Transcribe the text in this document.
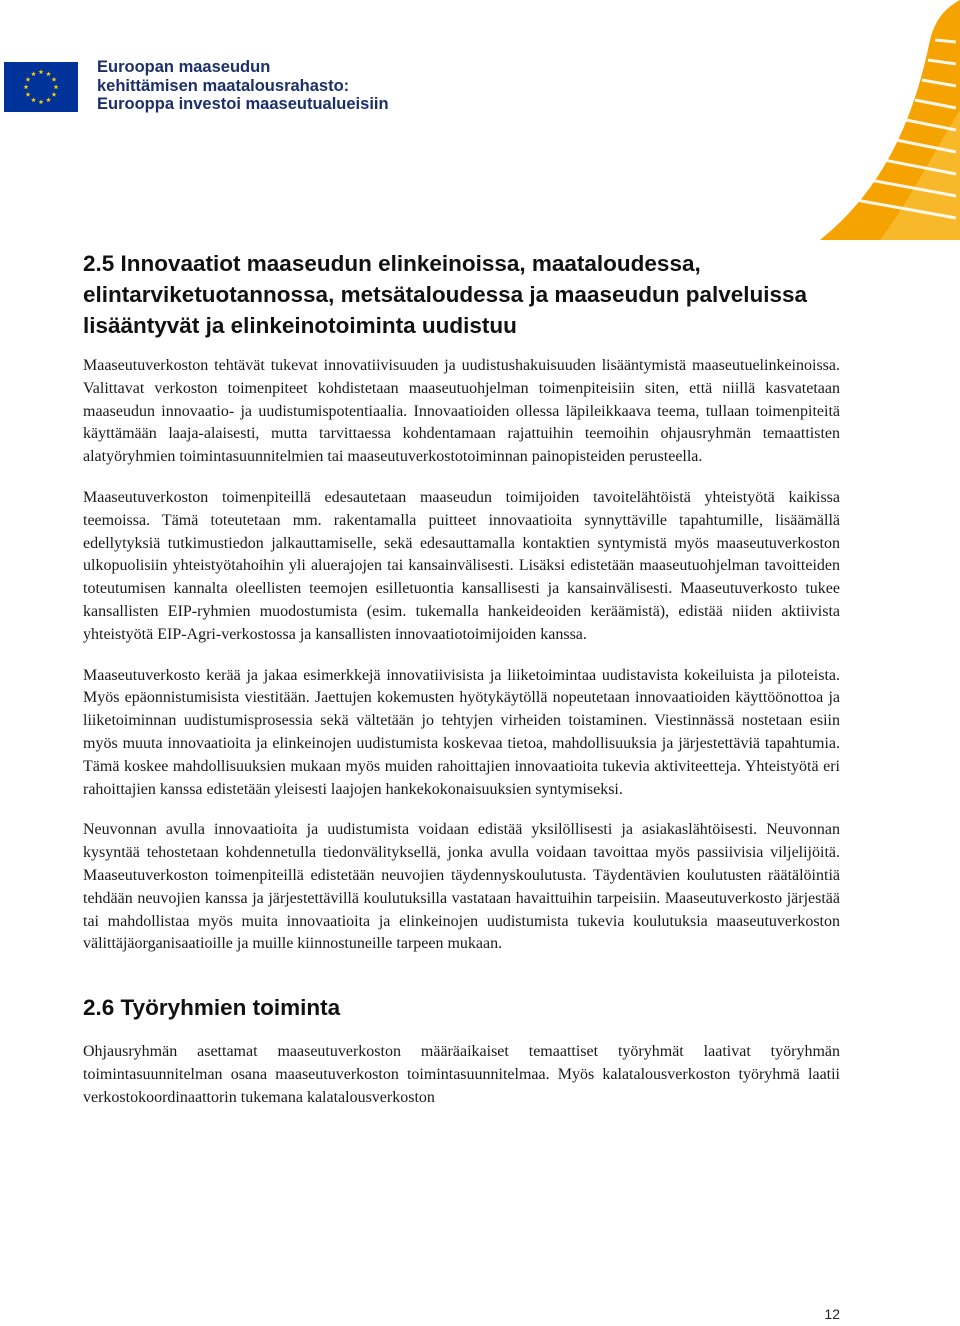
Euroopan maaseudun
kehittämisen maatalousrahasto:
Eurooppa investoi maaseutualueisiin
2.5 Innovaatiot maaseudun elinkeinoissa, maataloudessa, elintarviketuotannossa, metsätaloudessa ja maaseudun palveluissa lisääntyvät ja elinkeinotoiminta uudistuu

Maaseutuverkoston tehtävät tukevat innovatiivisuuden ja uudistushakuisuuden lisääntymistä maaseutuelinkeinoissa. Valittavat verkoston toimenpiteet kohdistetaan maaseutuohjelman toimenpiteisiin siten, että niillä kasvatetaan maaseudun innovaatio- ja uudistumispotentiaalia. Innovaatioiden ollessa läpileikkaava teema, tullaan toimenpiteitä käyttämään laaja-alaisesti, mutta tarvittaessa kohdentamaan rajattuihin teemoihin ohjausryhmän temaattisten alatyöryhmien toimintasuunnitelmien tai maaseutuverkostotoiminnan painopisteiden perusteella.

Maaseutuverkoston toimenpiteillä edesautetaan maaseudun toimijoiden tavoitelähtöistä yhteistyötä kaikissa teemoissa. Tämä toteutetaan mm. rakentamalla puitteet innovaatioita synnyttäville tapahtumille, lisäämällä edellytyksiä tutkimustiedon jalkauttamiselle, sekä edesauttamalla kontaktien syntymistä myös maaseutuverkoston ulkopuolisiin yhteistyötahoihin yli aluerajojen tai kansainvälisesti. Lisäksi edistetään maaseutuohjelman tavoitteiden toteutumisen kannalta oleellisten teemojen esilletuontia kansallisesti ja kansainvälisesti. Maaseutuverkosto tukee kansallisten EIP-ryhmien muodostumista (esim. tukemalla hankeideoiden keräämistä), edistää niiden aktiivista yhteistyötä EIP-Agri-verkostossa ja kansallisten innovaatiotoimijoiden kanssa.

Maaseutuverkosto kerää ja jakaa esimerkkejä innovatiivisista ja liiketoimintaa uudistavista kokeiluista ja piloteista. Myös epäonnistumisista viestitään. Jaettujen kokemusten hyötykäytöllä nopeutetaan innovaatioiden käyttöönottoa ja liiketoiminnan uudistumisprosessia sekä vältetään jo tehtyjen virheiden toistaminen. Viestinnässä nostetaan esiin myös muuta innovaatioita ja elinkeinojen uudistumista koskevaa tietoa, mahdollisuuksia ja järjestettäviä tapahtumia. Tämä koskee mahdollisuuksien mukaan myös muiden rahoittajien innovaatioita tukevia aktiviteetteja. Yhteistyötä eri rahoittajien kanssa edistetään yleisesti laajojen hankekokonaisuuksien syntymiseksi.

Neuvonnan avulla innovaatioita ja uudistumista voidaan edistää yksilöllisesti ja asiakaslähtöisesti. Neuvonnan kysyntää tehostetaan kohdennetulla tiedonvälityksellä, jonka avulla voidaan tavoittaa myös passiivisia viljelijöitä. Maaseutuverkoston toimenpiteillä edistetään neuvojien täydennyskoulutusta. Täydentävien koulutusten räätälöintiä tehdään neuvojien kanssa ja järjestettävillä koulutuksilla vastataan havaittuihin tarpeisiin. Maaseutuverkosto järjestää tai mahdollistaa myös muita innovaatioita ja elinkeinojen uudistumista tukevia koulutuksia maaseutuverkoston välittäjäorganisaatioille ja muille kiinnostuneille tarpeen mukaan.

2.6 Työryhmien toiminta

Ohjausryhmän asettamat maaseutuverkoston määräaikaiset temaattiset työryhmät laativat työryhmän toimintasuunnitelman osana maaseutuverkoston toimintasuunnitelmaa. Myös kalatalousverkoston työryhmä laatii verkostokoordinaattorin tukemana kalatalousverkoston

12
